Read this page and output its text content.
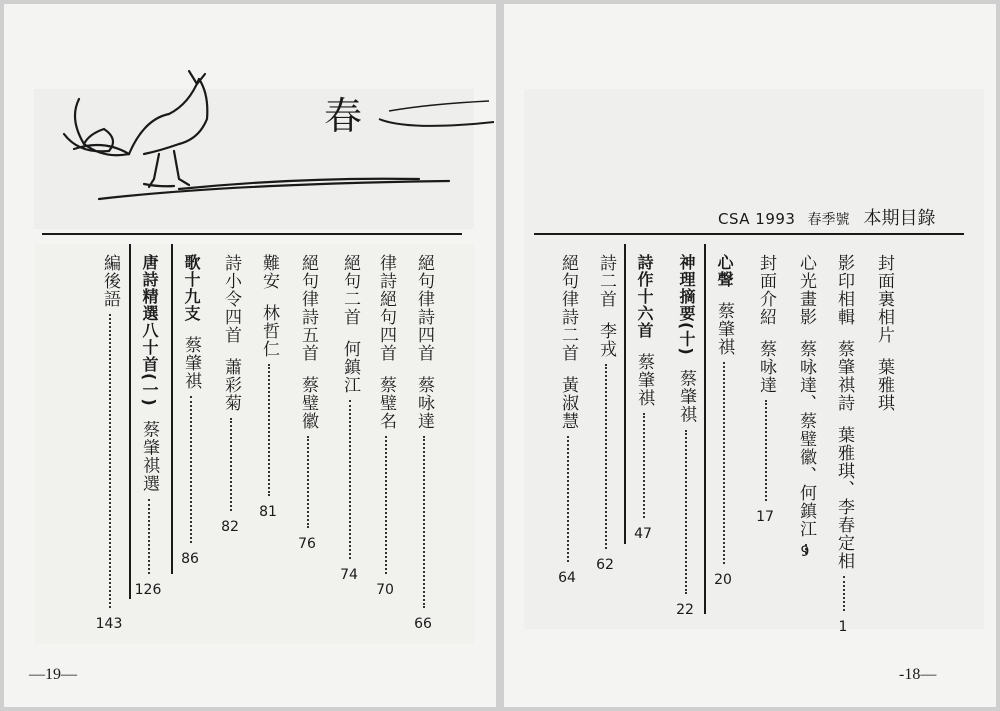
春
絕句律詩四首蔡咏達
66
律詩絕句四首蔡璧名
70
絕句二首何鎮江
74
絕句律詩五首蔡璧徽
76
難安林哲仁
81
詩小令四首蕭彩菊
82
歌十九支蔡肇祺
86
唐詩精選八十首(一)蔡肇祺選
126
編後語
143
—19—
CSA 1993 春季號 本期目錄
封面裏相片葉雅琪
影印相輯蔡肇祺詩葉雅琪、李春定相
1
心光畫影蔡咏達、蔡璧徽、何鎮江
9
封面介紹蔡咏達
17
心聲蔡肇祺
20
神理摘要(十)蔡肇祺
22
詩作十六首蔡肇祺
47
詩二首李戎
62
絕句律詩二首黃淑慧
64
-18—
